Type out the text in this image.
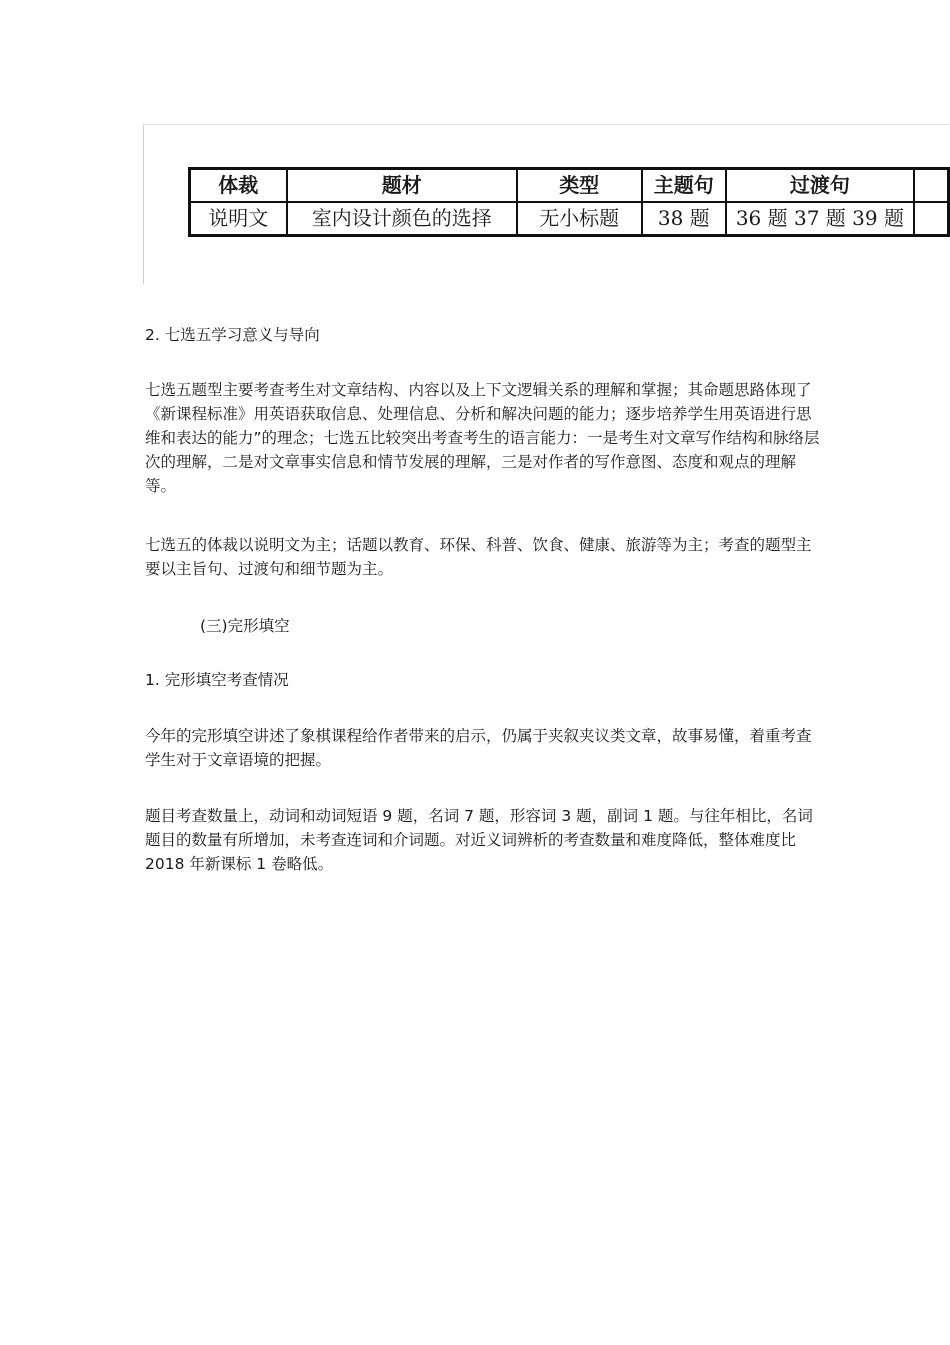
体裁	题材	类型	主题句	过渡句	
说明文	室内设计颜色的选择	无小标题	38 题	36 题 37 题 39 题	

2. 七选五学习意义与导向

七选五题型主要考查考生对文章结构、内容以及上下文逻辑关系的理解和掌握；其命题思路体现了《新课程标准》用英语获取信息、处理信息、分析和解决问题的能力；逐步培养学生用英语进行思维和表达的能力”的理念；七选五比较突出考查考生的语言能力：一是考生对文章写作结构和脉络层次的理解，二是对文章事实信息和情节发展的理解，三是对作者的写作意图、态度和观点的理解等。

七选五的体裁以说明文为主；话题以教育、环保、科普、饮食、健康、旅游等为主；考查的题型主要以主旨句、过渡句和细节题为主。

(三)完形填空

1. 完形填空考查情况

今年的完形填空讲述了象棋课程给作者带来的启示，仍属于夹叙夹议类文章，故事易懂，着重考查学生对于文章语境的把握。

题目考查数量上，动词和动词短语 9 题，名词 7 题，形容词 3 题，副词 1 题。与往年相比，名词题目的数量有所增加，未考查连词和介词题。对近义词辨析的考查数量和难度降低，整体难度比 2018 年新课标 1 卷略低。
